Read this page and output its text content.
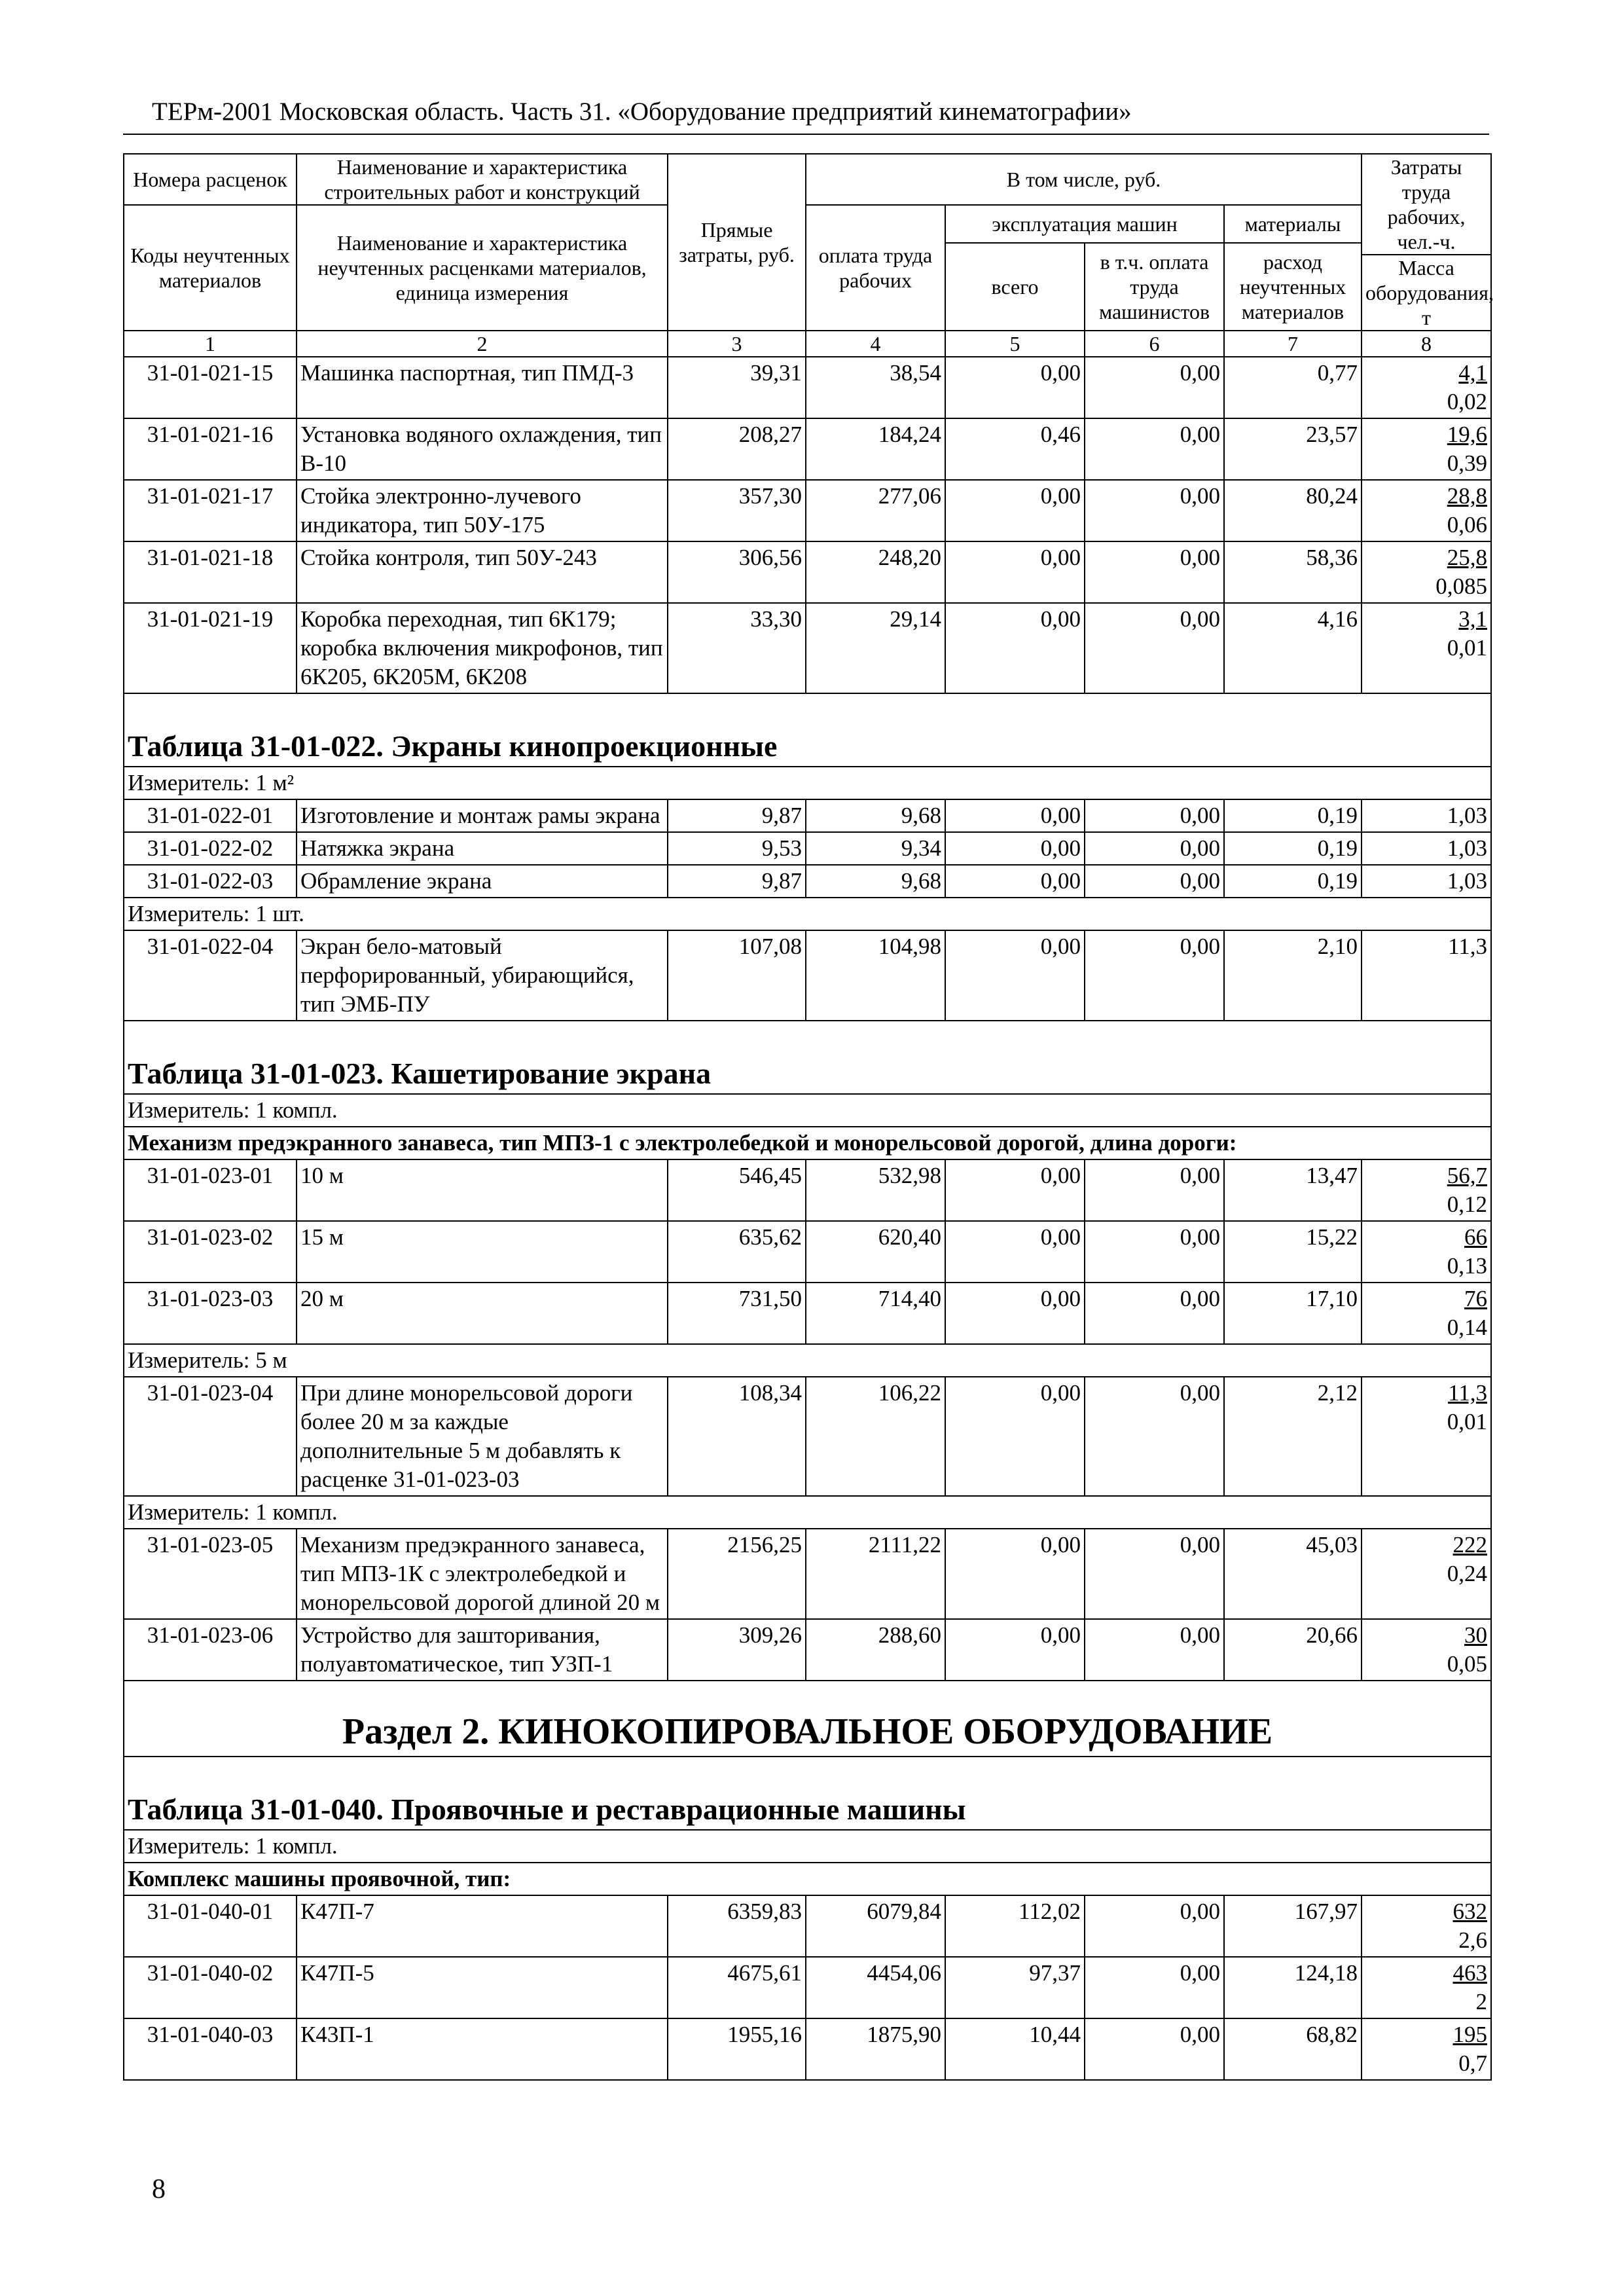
ТЕРм-2001 Московская область. Часть 31. «Оборудование предприятий кинематографии»
Номера расценок	Наименование и характеристика строительных работ и конструкций	Прямые затраты, руб.	В том числе, руб.				Затраты труда рабочих, чел.-ч.
Коды неучтенных материалов	Наименование и характеристика неучтенных расценками материалов, единица измерения		оплата труда рабочих	эксплуатация машин		материалы	
				всего	в т.ч. оплата труда машинистов	расход неучтенных материалов	
							Масса оборудования, т
1	2	3	4	5	6	7	8
31-01-021-15	Машинка паспортная, тип ПМД-3	39,31	38,54	0,00	0,00	0,77	4,1
0,02

31-01-021-16	Установка водяного охлаждения, тип В-10	208,27	184,24	0,46	0,00	23,57	19,6
0,39

31-01-021-17	Стойка электронно-лучевого индикатора, тип 50У-175	357,30	277,06	0,00	0,00	80,24	28,8
0,06

31-01-021-18	Стойка контроля, тип 50У-243	306,56	248,20	0,00	0,00	58,36	25,8
0,085

31-01-021-19	Коробка переходная, тип 6К179; коробка включения микрофонов, тип 6К205, 6К205М, 6К208	33,30	29,14	0,00	0,00	4,16	3,1
0,01

Таблица 31-01-022. Экраны кинопроекционные							

Измеритель: 1 м²							
31-01-022-01	Изготовление и монтаж рамы экрана	9,87	9,68	0,00	0,00	0,19	1,03
31-01-022-02	Натяжка экрана	9,53	9,34	0,00	0,00	0,19	1,03
31-01-022-03	Обрамление экрана	9,87	9,68	0,00	0,00	0,19	1,03
Измеритель: 1 шт.							
31-01-022-04	Экран бело-матовый перфорированный, убирающийся, тип ЭМБ-ПУ	107,08	104,98	0,00	0,00	2,10	11,3

Таблица 31-01-023. Кашетирование экрана							

Измеритель: 1 компл.							
Механизм предэкранного занавеса, тип МПЗ-1 с электролебедкой и монорельсовой дорогой, длина дороги:							
31-01-023-01	10 м	546,45	532,98	0,00	0,00	13,47	56,7
0,12

31-01-023-02	15 м	635,62	620,40	0,00	0,00	15,22	66
0,13

31-01-023-03	20 м	731,50	714,40	0,00	0,00	17,10	76
0,14

Измеритель: 5 м							
31-01-023-04	При длине монорельсовой дороги более 20 м за каждые дополнительные 5 м добавлять к расценке 31-01-023-03	108,34	106,22	0,00	0,00	2,12	11,3
0,01

Измеритель: 1 компл.							
31-01-023-05	Механизм предэкранного занавеса, тип МПЗ-1К с электролебедкой и монорельсовой дорогой длиной 20 м	2156,25	2111,22	0,00	0,00	45,03	222
0,24

31-01-023-06	Устройство для зашторивания, полуавтоматическое, тип УЗП-1	309,26	288,60	0,00	0,00	20,66	30
0,05

Раздел 2. КИНОКОПИРОВАЛЬНОЕ ОБОРУДОВАНИЕ							

Таблица 31-01-040. Проявочные и реставрационные машины							

Измеритель: 1 компл.							
Комплекс машины проявочной, тип:							
31-01-040-01	К47П-7	6359,83	6079,84	112,02	0,00	167,97	632
2,6

31-01-040-02	К47П-5	4675,61	4454,06	97,37	0,00	124,18	463
2

31-01-040-03	К43П-1	1955,16	1875,90	10,44	0,00	68,82	195
0,7
8
